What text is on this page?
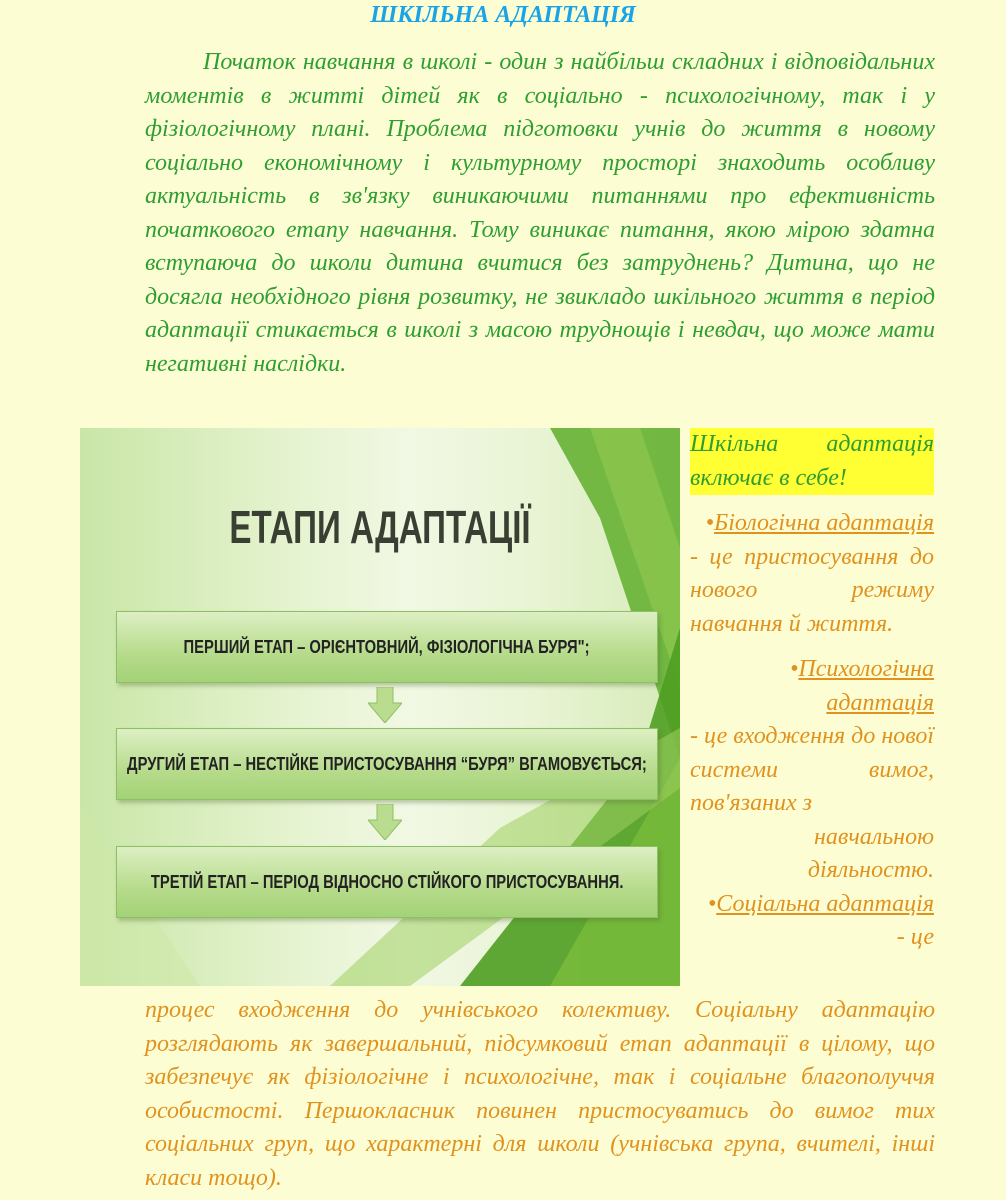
ШКІЛЬНА АДАПТАЦІЯ

Початок навчання в школі - один з найбільш складних і відповідальних моментів в житті дітей як в соціально - психологічному, так і у фізіологічному плані. Проблема підготовки учнів до життя в новому соціально економічному і культурному просторі знаходить особливу актуальність в зв'язку виникаючими питаннями про ефективність початкового етапу навчання. Тому виникає питання, якою мірою здатна вступаюча до школи дитина вчитися без затруднень? Дитина, що не досягла необхідного рівня розвитку, не звикладо шкільного життя в період адаптації стикається в школі з масою труднощів і невдач, що може мати негативні наслідки.

ЕТАПИ АДАПТАЦІЇ
ПЕРШИЙ ЕТАП – ОРІЄНТОВНИЙ, ФІЗІОЛОГІЧНА БУРЯ";
ДРУГИЙ ЕТАП – НЕСТІЙКЕ ПРИСТОСУВАННЯ “БУРЯ” ВГАМОВУЄТЬСЯ;
ТРЕТІЙ ЕТАП – ПЕРІОД ВІДНОСНО СТІЙКОГО ПРИСТОСУВАННЯ.

Шкільна адаптація включає в себе!

•Біологічна адаптація

- це пристосування до нового режиму навчання й життя.

•Психологічна адаптація

- це входження до нової системи вимог, пов'язаних з

навчальною
діяльностю.

•Соціальна адаптація

- це

процес входження до учнівського колективу. Соціальну адаптацію розглядають як завершальний, підсумковий етап адаптації в цілому, що забезпечує як фізіологічне і психологічне, так і соціальне благополуччя особистості. Першокласник повинен пристосуватись до вимог тих соціальних груп, що характерні для школи (учнівська група, вчителі, інші класи тощо).
